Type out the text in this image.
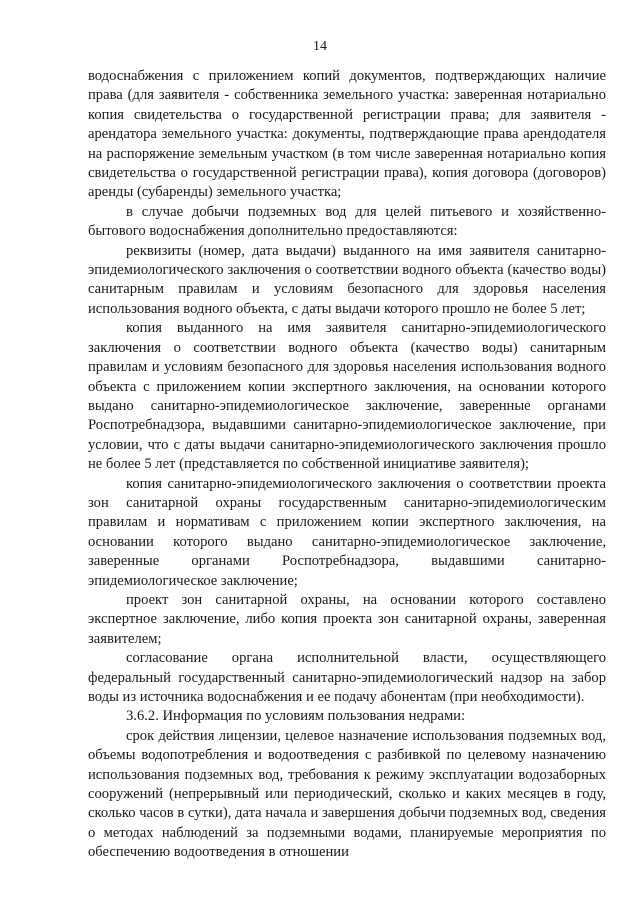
14

водоснабжения с приложением копий документов, подтверждающих наличие права (для заявителя - собственника земельного участка: заверенная нотариально копия свидетельства о государственной регистрации права; для заявителя - арендатора земельного участка: документы, подтверждающие права арендодателя на распоряжение земельным участком (в том числе заверенная нотариально копия свидетельства о государственной регистрации права), копия договора (договоров) аренды (субаренды) земельного участка;

в случае добычи подземных вод для целей питьевого и хозяйственно-бытового водоснабжения дополнительно предоставляются:

реквизиты (номер, дата выдачи) выданного на имя заявителя санитарно-эпидемиологического заключения о соответствии водного объекта (качество воды) санитарным правилам и условиям безопасного для здоровья населения использования водного объекта, с даты выдачи которого прошло не более 5 лет;

копия выданного на имя заявителя санитарно-эпидемиологического заключения о соответствии водного объекта (качество воды) санитарным правилам и условиям безопасного для здоровья населения использования водного объекта с приложением копии экспертного заключения, на основании которого выдано санитарно-эпидемиологическое заключение, заверенные органами Роспотребнадзора, выдавшими санитарно-эпидемиологическое заключение, при условии, что с даты выдачи санитарно-эпидемиологического заключения прошло не более 5 лет (представляется по собственной инициативе заявителя);

копия санитарно-эпидемиологического заключения о соответствии проекта зон санитарной охраны государственным санитарно-эпидемиологическим правилам и нормативам с приложением копии экспертного заключения, на основании которого выдано санитарно-эпидемиологическое заключение, заверенные органами Роспотребнадзора, выдавшими санитарно-эпидемиологическое заключение;

проект зон санитарной охраны, на основании которого составлено экспертное заключение, либо копия проекта зон санитарной охраны, заверенная заявителем;

согласование органа исполнительной власти, осуществляющего федеральный государственный санитарно-эпидемиологический надзор на забор воды из источника водоснабжения и ее подачу абонентам (при необходимости).

3.6.2. Информация по условиям пользования недрами:

срок действия лицензии, целевое назначение использования подземных вод, объемы водопотребления и водоотведения с разбивкой по целевому назначению использования подземных вод, требования к режиму эксплуатации водозаборных сооружений (непрерывный или периодический, сколько и каких месяцев в году, сколько часов в сутки), дата начала и завершения добычи подземных вод, сведения о методах наблюдений за подземными водами, планируемые мероприятия по обеспечению водоотведения в отношении
